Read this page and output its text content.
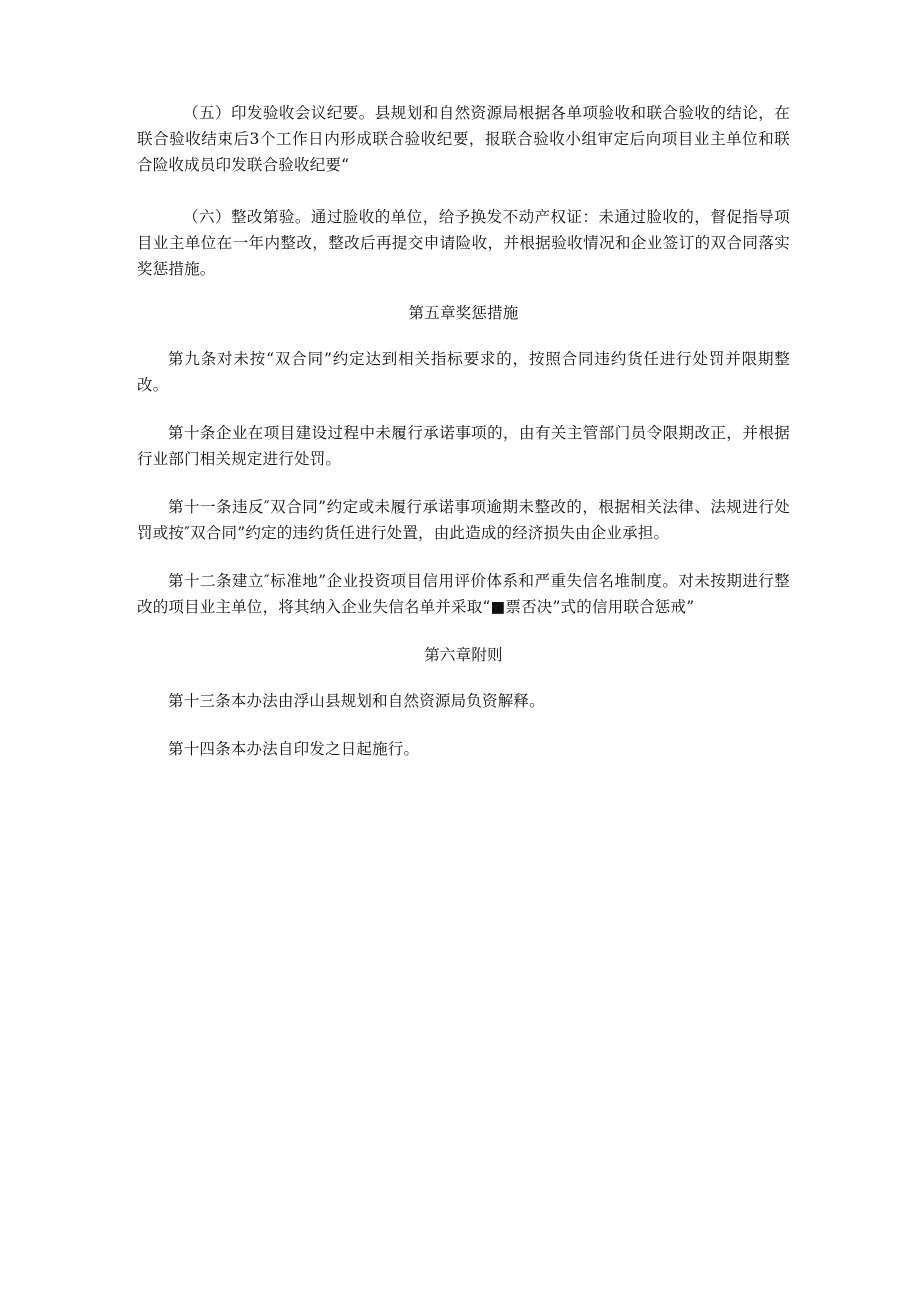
（五）印发验收会议纪要。县规划和自然资源局根据各单项验收和联合验收的结论，在联合验收结束后3个工作日内形成联合验收纪要，报联合验收小组审定后向项目业主单位和联合险收成员印发联合验收纪要“

（六）整改第验。通过脸收的单位，给予换发不动产权证：未通过脸收的，督促指导项目业主单位在一年内整改，整改后再提交申请险收，并根据验收情况和企业签订的双合同落实奖惩措施。

第五章奖惩措施

第九条对未按“双合同”约定达到相关指标要求的，按照合同违约货任进行处罚并限期整改。

第十条企业在项目建设过程中未履行承诺事项的，由有关主管部门员令限期改正，并根据行业部门相关规定进行处罚。

第十一条违反″双合同”约定或未履行承诺事项逾期未整改的，根据相关法律、法规进行处罚或按″双合同”约定的违约货任进行处置，由此造成的经济损失由企业承担。

第十二条建立″标准地”企业投资项目信用评价体系和严重失信名堆制度。对未按期进行整改的项目业主单位，将其纳入企业失信名单并采取“■票否决”式的信用联合惩戒”

第六章附则

第十三条本办法由浮山县规划和自然资源局负资解释。

第十四条本办法自印发之日起施行。
